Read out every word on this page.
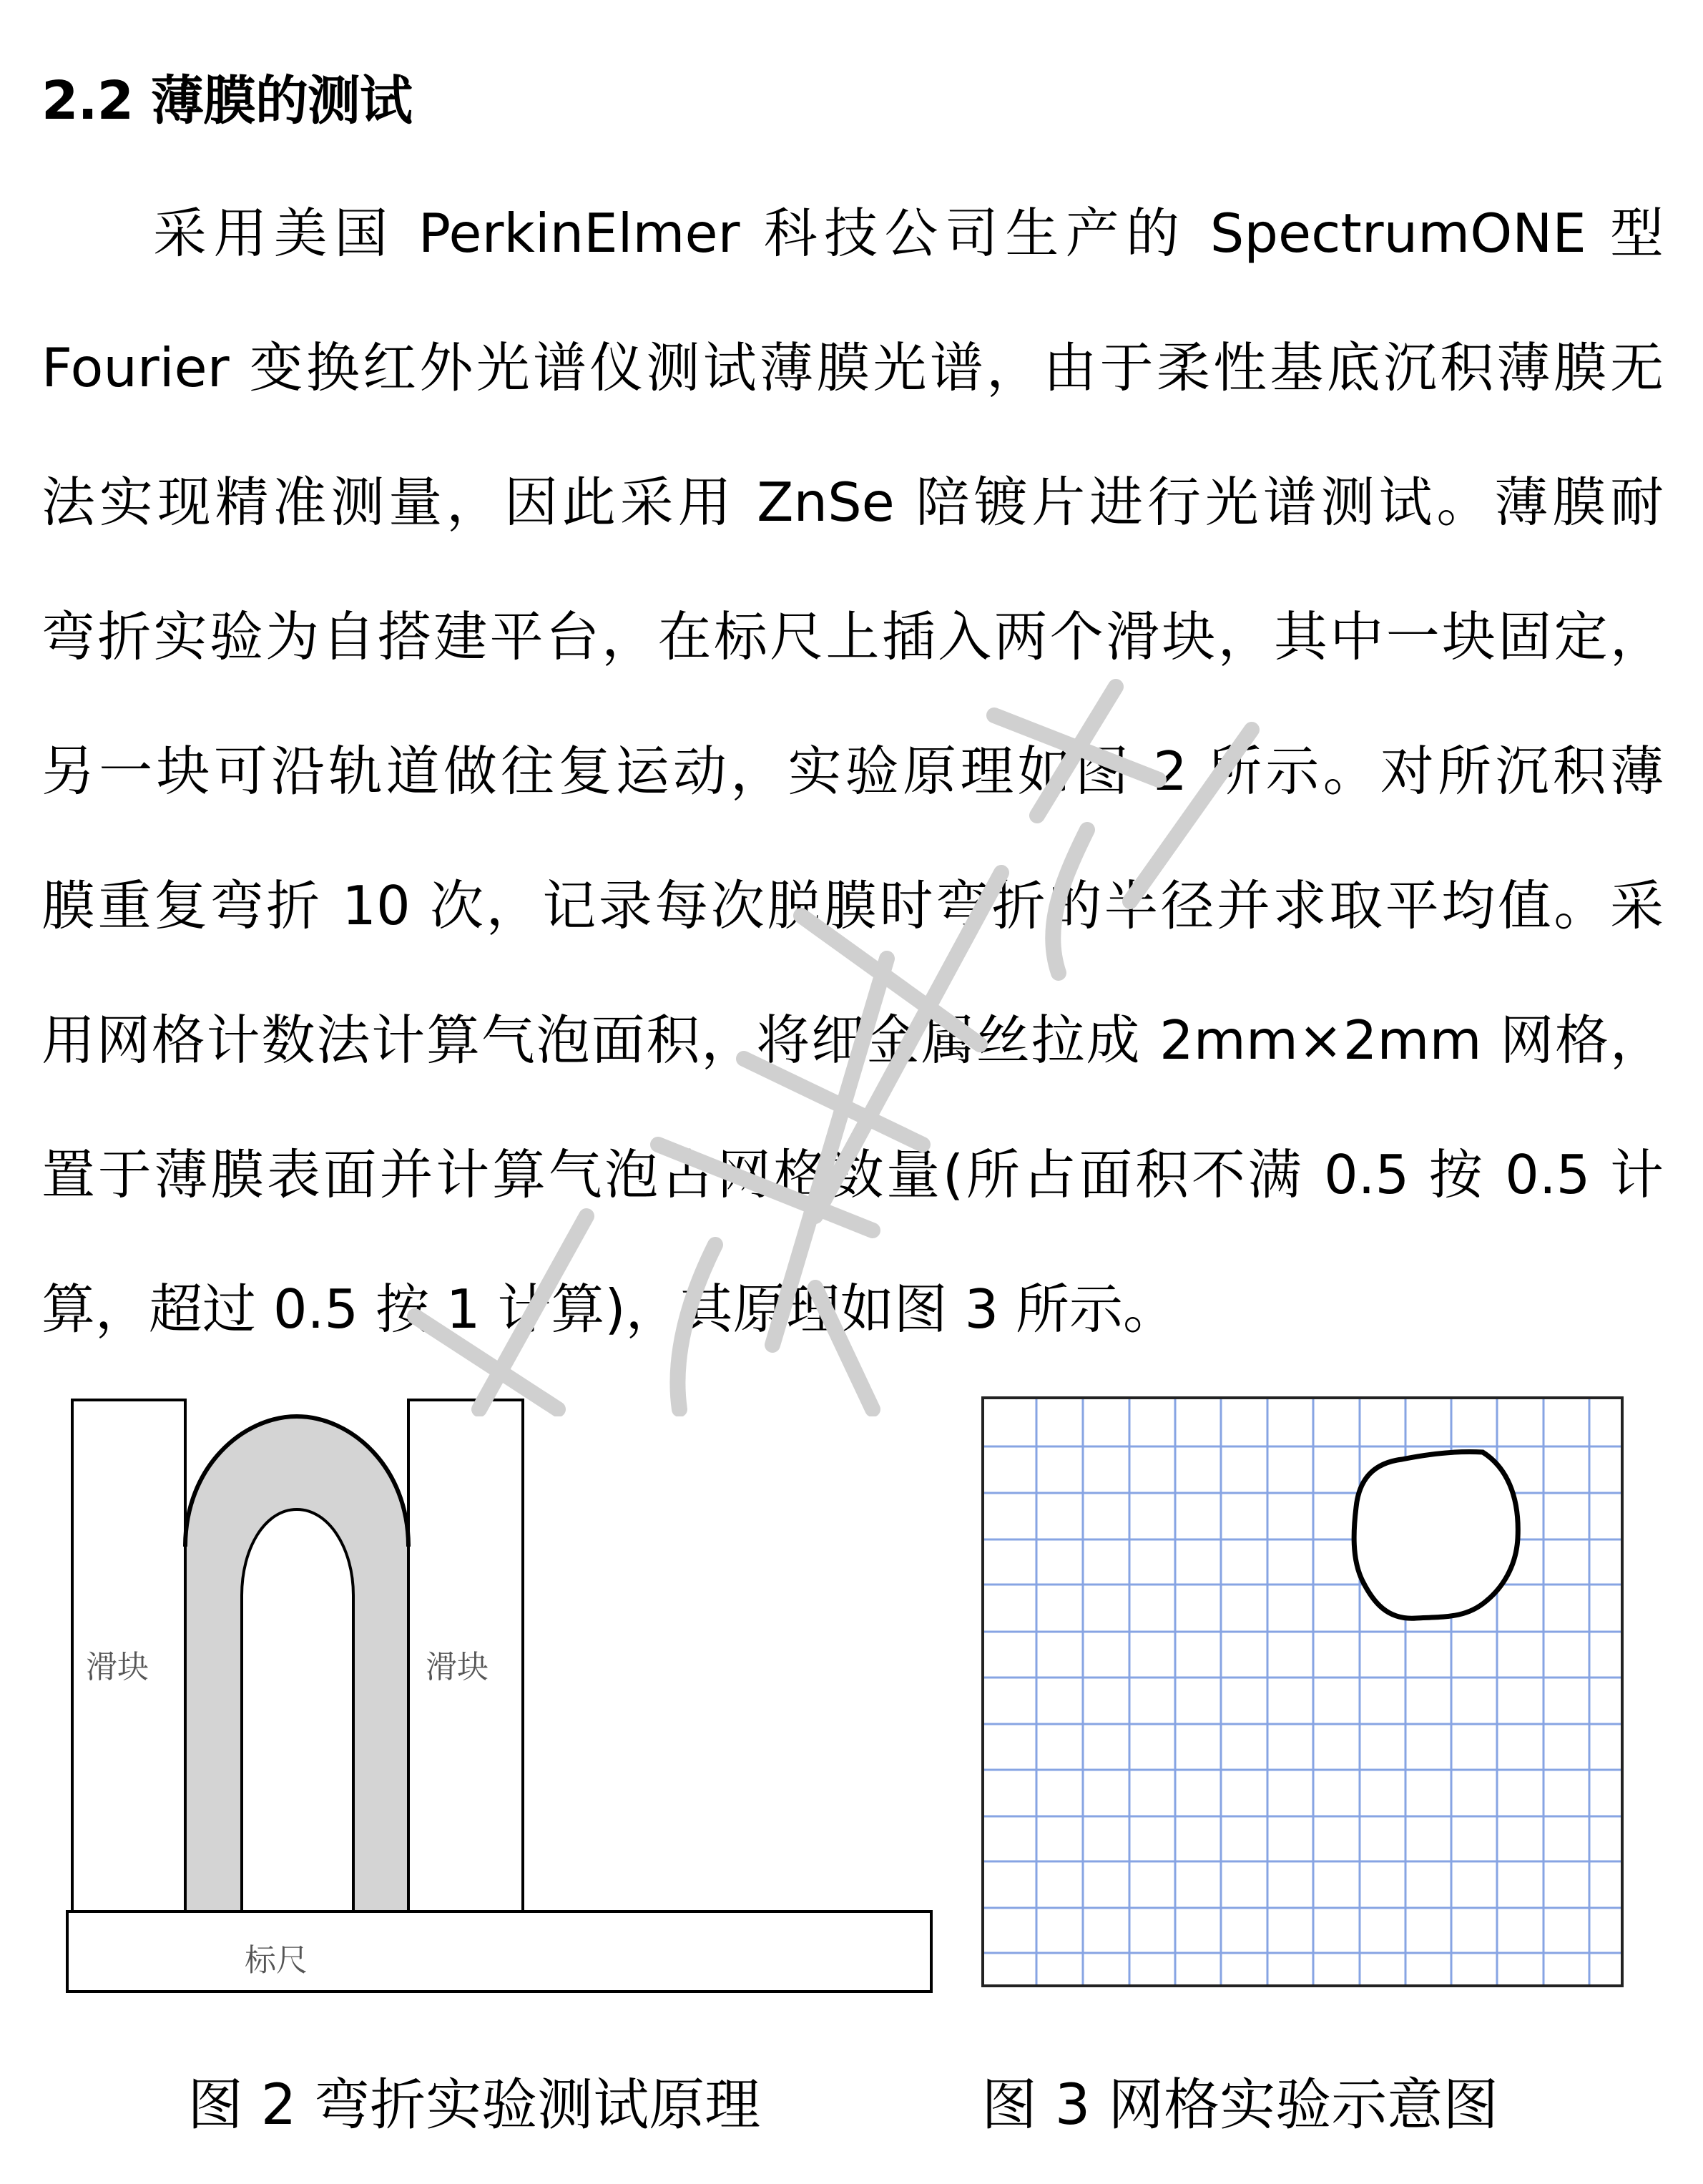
2.2 薄膜的测试
采用美国 PerkinElmer 科技公司生产的 SpectrumONE 型
Fourier 变换红外光谱仪测试薄膜光谱，由于柔性基底沉积薄膜无
法实现精准测量，因此采用 ZnSe 陪镀片进行光谱测试。薄膜耐
弯折实验为自搭建平台，在标尺上插入两个滑块，其中一块固定，
另一块可沿轨道做往复运动，实验原理如图 2 所示。对所沉积薄
膜重复弯折 10 次，记录每次脱膜时弯折的半径并求取平均值。采
用网格计数法计算气泡面积，将细金属丝拉成 2mm×2mm 网格，
置于薄膜表面并计算气泡占网格数量(所占面积不满 0.5 按 0.5 计
算，超过 0.5 按 1 计算)，其原理如图 3 所示。
滑块	滑块
标尺
图 2 弯折实验测试原理	图 3 网格实验示意图
